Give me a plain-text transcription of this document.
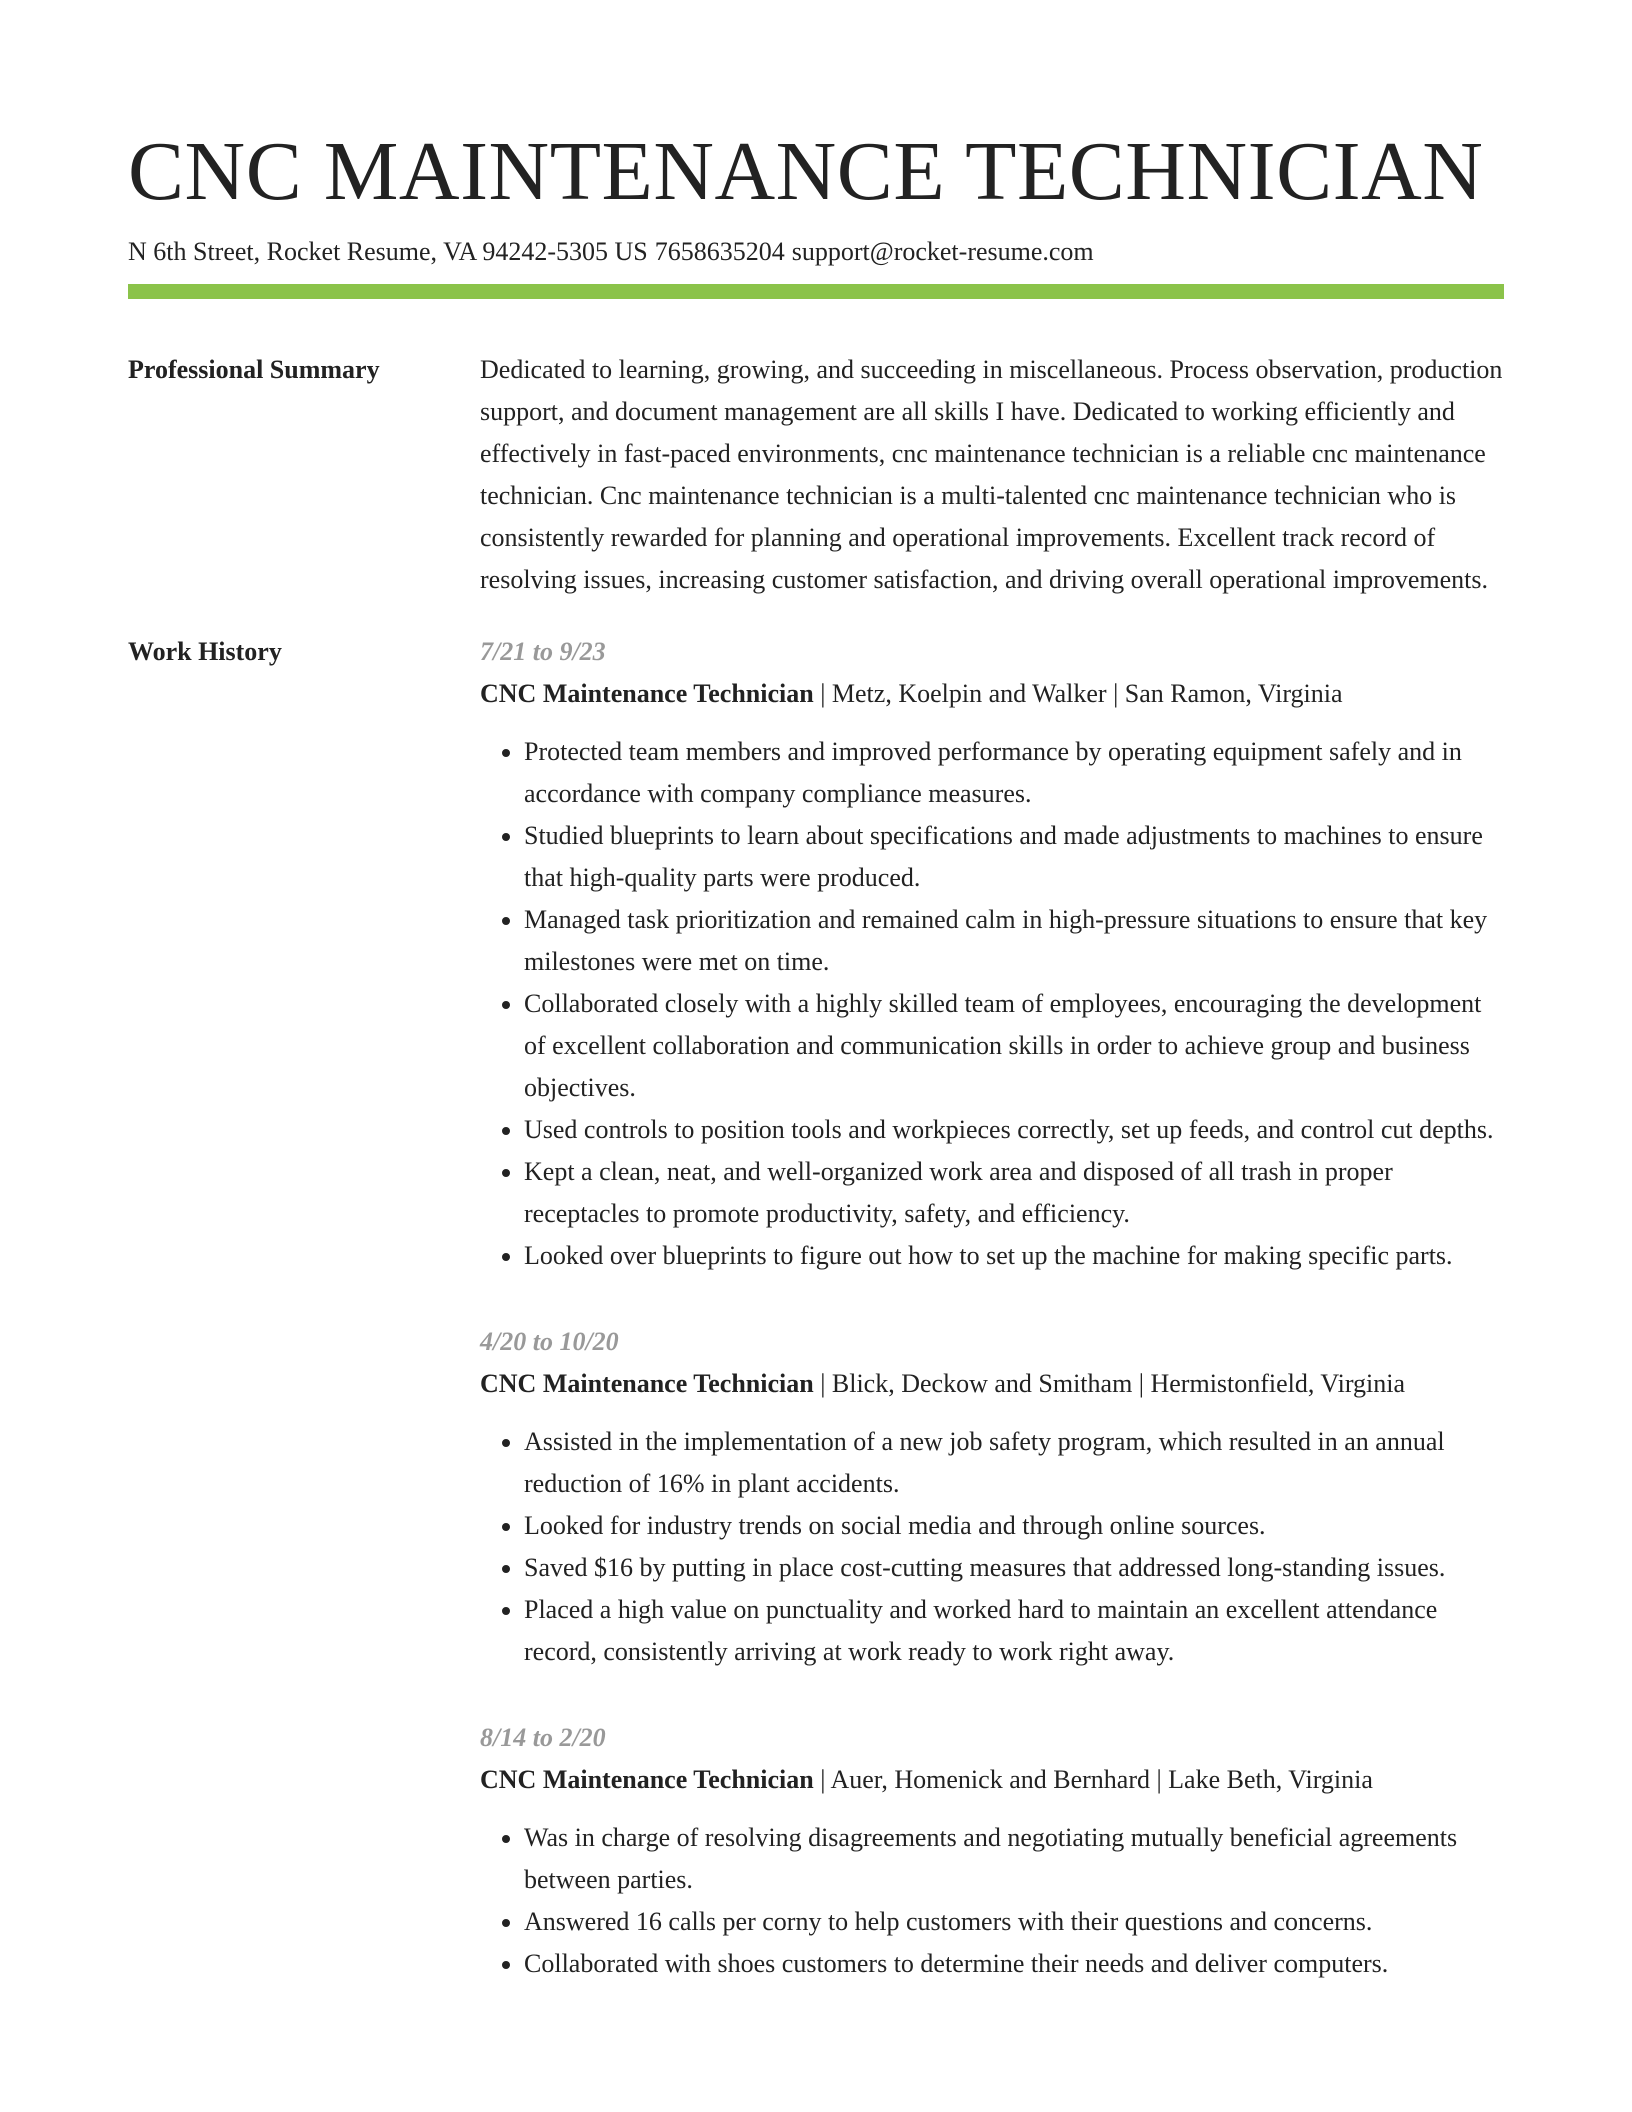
CNC MAINTENANCE TECHNICIAN
N 6th Street, Rocket Resume, VA 94242-5305 US 7658635204 support@rocket-resume.com
Professional Summary	Dedicated to learning, growing, and succeeding in miscellaneous. Process observation, production support, and document management are all skills I have. Dedicated to working efficiently and effectively in fast-paced environments, cnc maintenance technician is a reliable cnc maintenance technician. Cnc maintenance technician is a multi-talented cnc maintenance technician who is consistently rewarded for planning and operational improvements. Excellent track record of resolving issues, increasing customer satisfaction, and driving overall operational improvements.

Work History	7/21 to 9/23
CNC Maintenance Technician | Metz, Koelpin and Walker | San Ramon, Virginia
• Protected team members and improved performance by operating equipment safely and in accordance with company compliance measures.
• Studied blueprints to learn about specifications and made adjustments to machines to ensure that high-quality parts were produced.
• Managed task prioritization and remained calm in high-pressure situations to ensure that key milestones were met on time.
• Collaborated closely with a highly skilled team of employees, encouraging the development of excellent collaboration and communication skills in order to achieve group and business objectives.
• Used controls to position tools and workpieces correctly, set up feeds, and control cut depths.
• Kept a clean, neat, and well-organized work area and disposed of all trash in proper receptacles to promote productivity, safety, and efficiency.
• Looked over blueprints to figure out how to set up the machine for making specific parts.
4/20 to 10/20
CNC Maintenance Technician | Blick, Deckow and Smitham | Hermistonfield, Virginia
• Assisted in the implementation of a new job safety program, which resulted in an annual reduction of 16% in plant accidents.
• Looked for industry trends on social media and through online sources.
• Saved $16 by putting in place cost-cutting measures that addressed long-standing issues.
• Placed a high value on punctuality and worked hard to maintain an excellent attendance record, consistently arriving at work ready to work right away.
8/14 to 2/20
CNC Maintenance Technician | Auer, Homenick and Bernhard | Lake Beth, Virginia
• Was in charge of resolving disagreements and negotiating mutually beneficial agreements between parties.
• Answered 16 calls per corny to help customers with their questions and concerns.
• Collaborated with shoes customers to determine their needs and deliver computers.
